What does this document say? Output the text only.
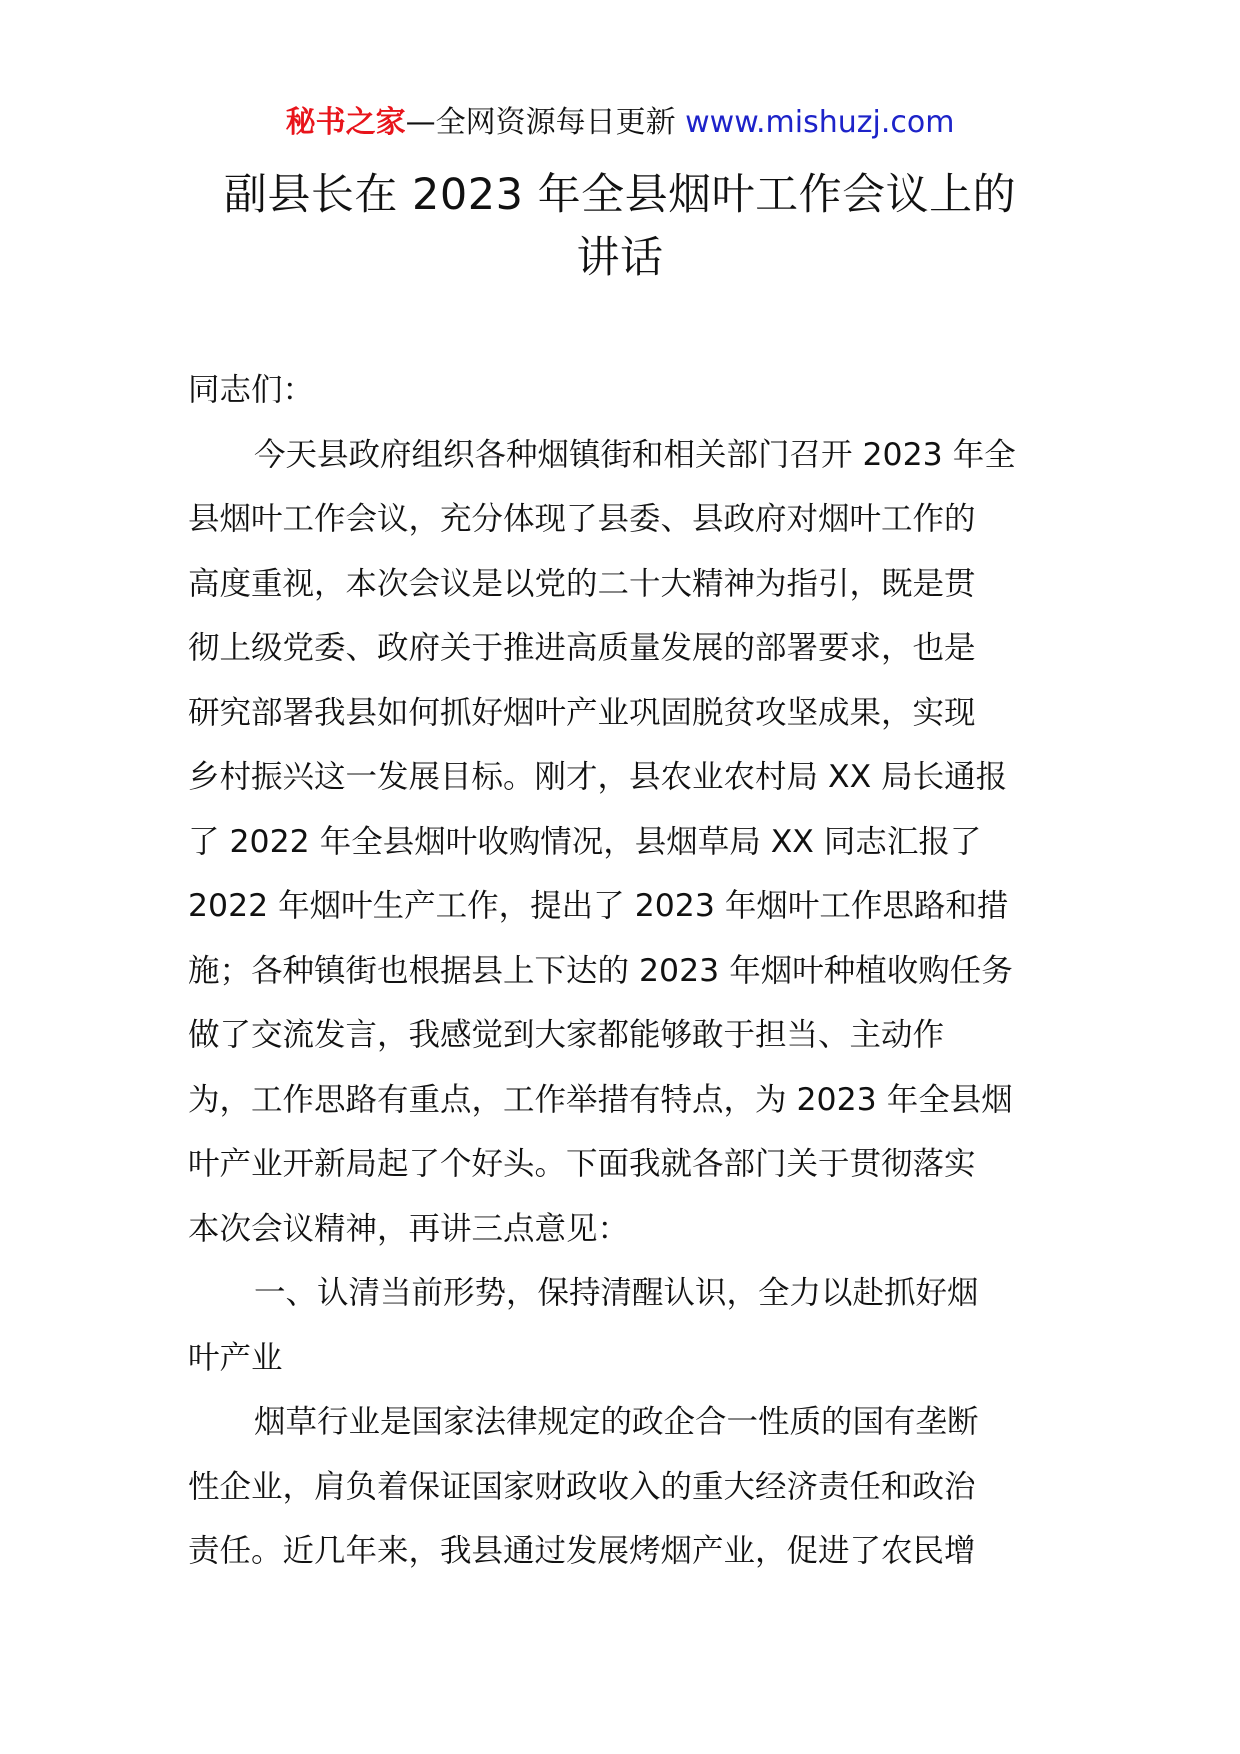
秘书之家—全网资源每日更新 www.mishuzj.com
副县长在 2023 年全县烟叶工作会议上的
讲话
同志们：
今天县政府组织各种烟镇街和相关部门召开 2023 年全
县烟叶工作会议，充分体现了县委、县政府对烟叶工作的
高度重视，本次会议是以党的二十大精神为指引，既是贯
彻上级党委、政府关于推进高质量发展的部署要求，也是
研究部署我县如何抓好烟叶产业巩固脱贫攻坚成果，实现
乡村振兴这一发展目标。刚才，县农业农村局 XX 局长通报
了 2022 年全县烟叶收购情况，县烟草局 XX 同志汇报了
2022 年烟叶生产工作，提出了 2023 年烟叶工作思路和措
施；各种镇街也根据县上下达的 2023 年烟叶种植收购任务
做了交流发言，我感觉到大家都能够敢于担当、主动作
为，工作思路有重点，工作举措有特点，为 2023 年全县烟
叶产业开新局起了个好头。下面我就各部门关于贯彻落实
本次会议精神，再讲三点意见：
一、认清当前形势，保持清醒认识，全力以赴抓好烟
叶产业
烟草行业是国家法律规定的政企合一性质的国有垄断
性企业，肩负着保证国家财政收入的重大经济责任和政治
责任。近几年来，我县通过发展烤烟产业，促进了农民增
